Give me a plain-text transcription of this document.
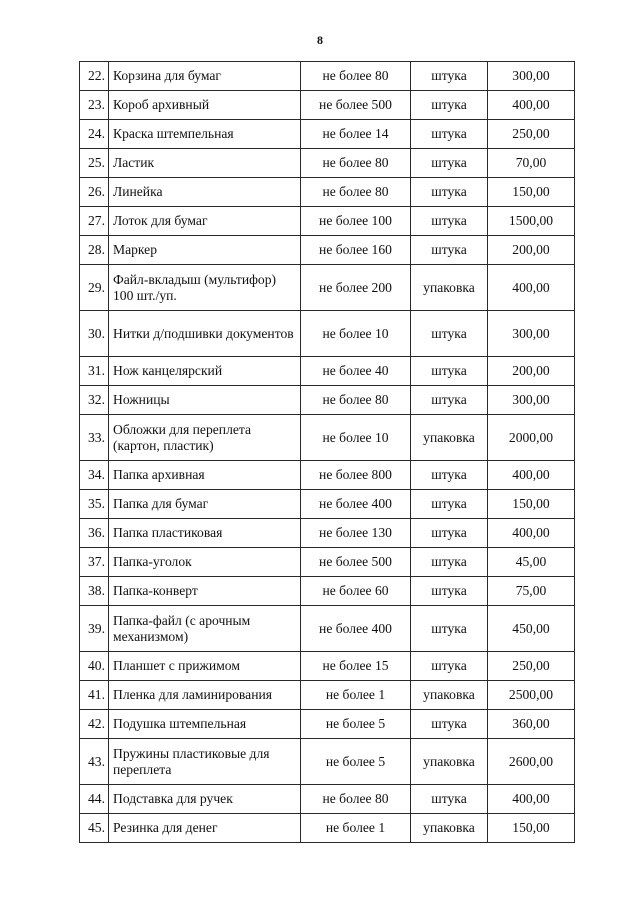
8
22.	Корзина для бумаг	не более 80	штука	300,00
23.	Короб архивный	не более 500	штука	400,00
24.	Краска штемпельная	не более 14	штука	250,00
25.	Ластик	не более 80	штука	70,00
26.	Линейка	не более 80	штука	150,00
27.	Лоток для бумаг	не более 100	штука	1500,00
28.	Маркер	не более 160	штука	200,00
29.	Файл-вкладыш (мультифор) 100 шт./уп.	не более 200	упаковка	400,00
30.	Нитки д/подшивки документов	не более 10	штука	300,00
31.	Нож канцелярский	не более 40	штука	200,00
32.	Ножницы	не более 80	штука	300,00
33.	Обложки для переплета (картон, пластик)	не более 10	упаковка	2000,00
34.	Папка архивная	не более 800	штука	400,00
35.	Папка для бумаг	не более 400	штука	150,00
36.	Папка пластиковая	не более 130	штука	400,00
37.	Папка-уголок	не более 500	штука	45,00
38.	Папка-конверт	не более 60	штука	75,00
39.	Папка-файл (с арочным механизмом)	не более 400	штука	450,00
40.	Планшет с прижимом	не более 15	штука	250,00
41.	Пленка для ламинирования	не более 1	упаковка	2500,00
42.	Подушка штемпельная	не более 5	штука	360,00
43.	Пружины пластиковые для переплета	не более 5	упаковка	2600,00
44.	Подставка для ручек	не более 80	штука	400,00
45.	Резинка для денег	не более 1	упаковка	150,00
